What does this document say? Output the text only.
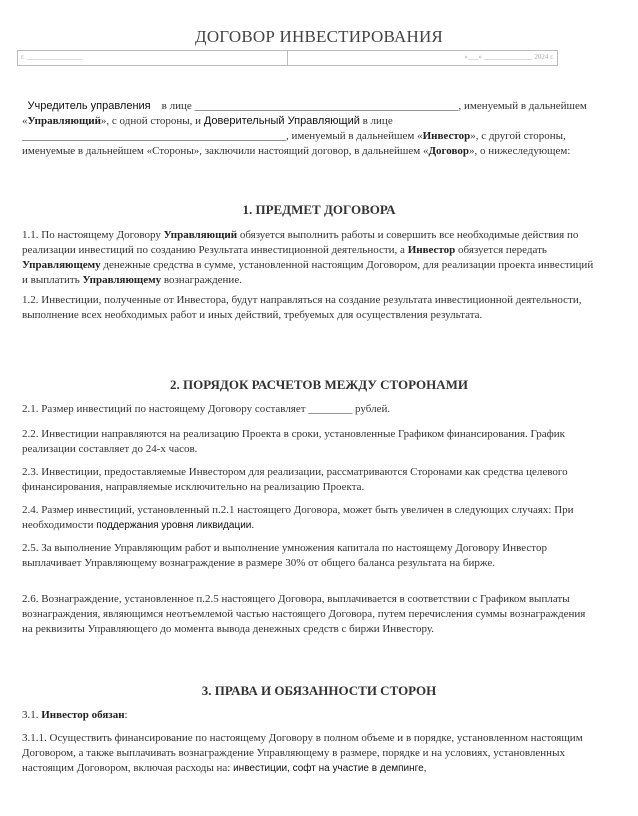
ДОГОВОР ИНВЕСТИРОВАНИЯ
г. ________________	«___» ______________ 2024 г.

Учредитель управления в лице ________________________________________________, именуемый в дальнейшем «Управляющий», с одной стороны, и Доверительный Управляющий в лице ________________________________________________, именуемый в дальнейшем «Инвестор», с другой стороны, именуемые в дальнейшем «Стороны», заключили настоящий договор, в дальнейшем «Договор», о нижеследующем:

1. ПРЕДМЕТ ДОГОВОРА

1.1. По настоящему Договору Управляющий обязуется выполнить работы и совершить все необходимые действия по реализации инвестиций по созданию Результата инвестиционной деятельности, а Инвестор обязуется передать Управляющему денежные средства в сумме, установленной настоящим Договором, для реализации проекта инвестиций и выплатить Управляющему вознаграждение.

1.2. Инвестиции, полученные от Инвестора, будут направляться на создание результата инвестиционной деятельности, выполнение всех необходимых работ и иных действий, требуемых для осуществления результата.

2. ПОРЯДОК РАСЧЕТОВ МЕЖДУ СТОРОНАМИ

2.1. Размер инвестиций по настоящему Договору составляет ________ рублей.

2.2. Инвестиции направляются на реализацию Проекта в сроки, установленные Графиком финансирования. График реализации составляет до 24-х часов.

2.3. Инвестиции, предоставляемые Инвестором для реализации, рассматриваются Сторонами как средства целевого финансирования, направляемые исключительно на реализацию Проекта.

2.4. Размер инвестиций, установленный п.2.1 настоящего Договора, может быть увеличен в следующих случаях: При необходимости поддержания уровня ликвидации.

2.5. За выполнение Управляющим работ и выполнение умножения капитала по настоящему Договору Инвестор выплачивает Управляющему вознаграждение в размере 30% от общего баланса результата на бирже.

2.6. Вознаграждение, установленное п.2.5 настоящего Договора, выплачивается в соответствии с Графиком выплаты вознаграждения, являющимся неотъемлемой частью настоящего Договора, путем перечисления суммы вознаграждения на реквизиты Управляющего до момента вывода денежных средств с биржи Инвестору.

3. ПРАВА И ОБЯЗАННОСТИ СТОРОН

3.1. Инвестор обязан:

3.1.1. Осуществить финансирование по настоящему Договору в полном объеме и в порядке, установленном настоящим Договором, а также выплачивать вознаграждение Управляющему в размере, порядке и на условиях, установленных настоящим Договором, включая расходы на: инвестиции, софт на участие в демпинге,
